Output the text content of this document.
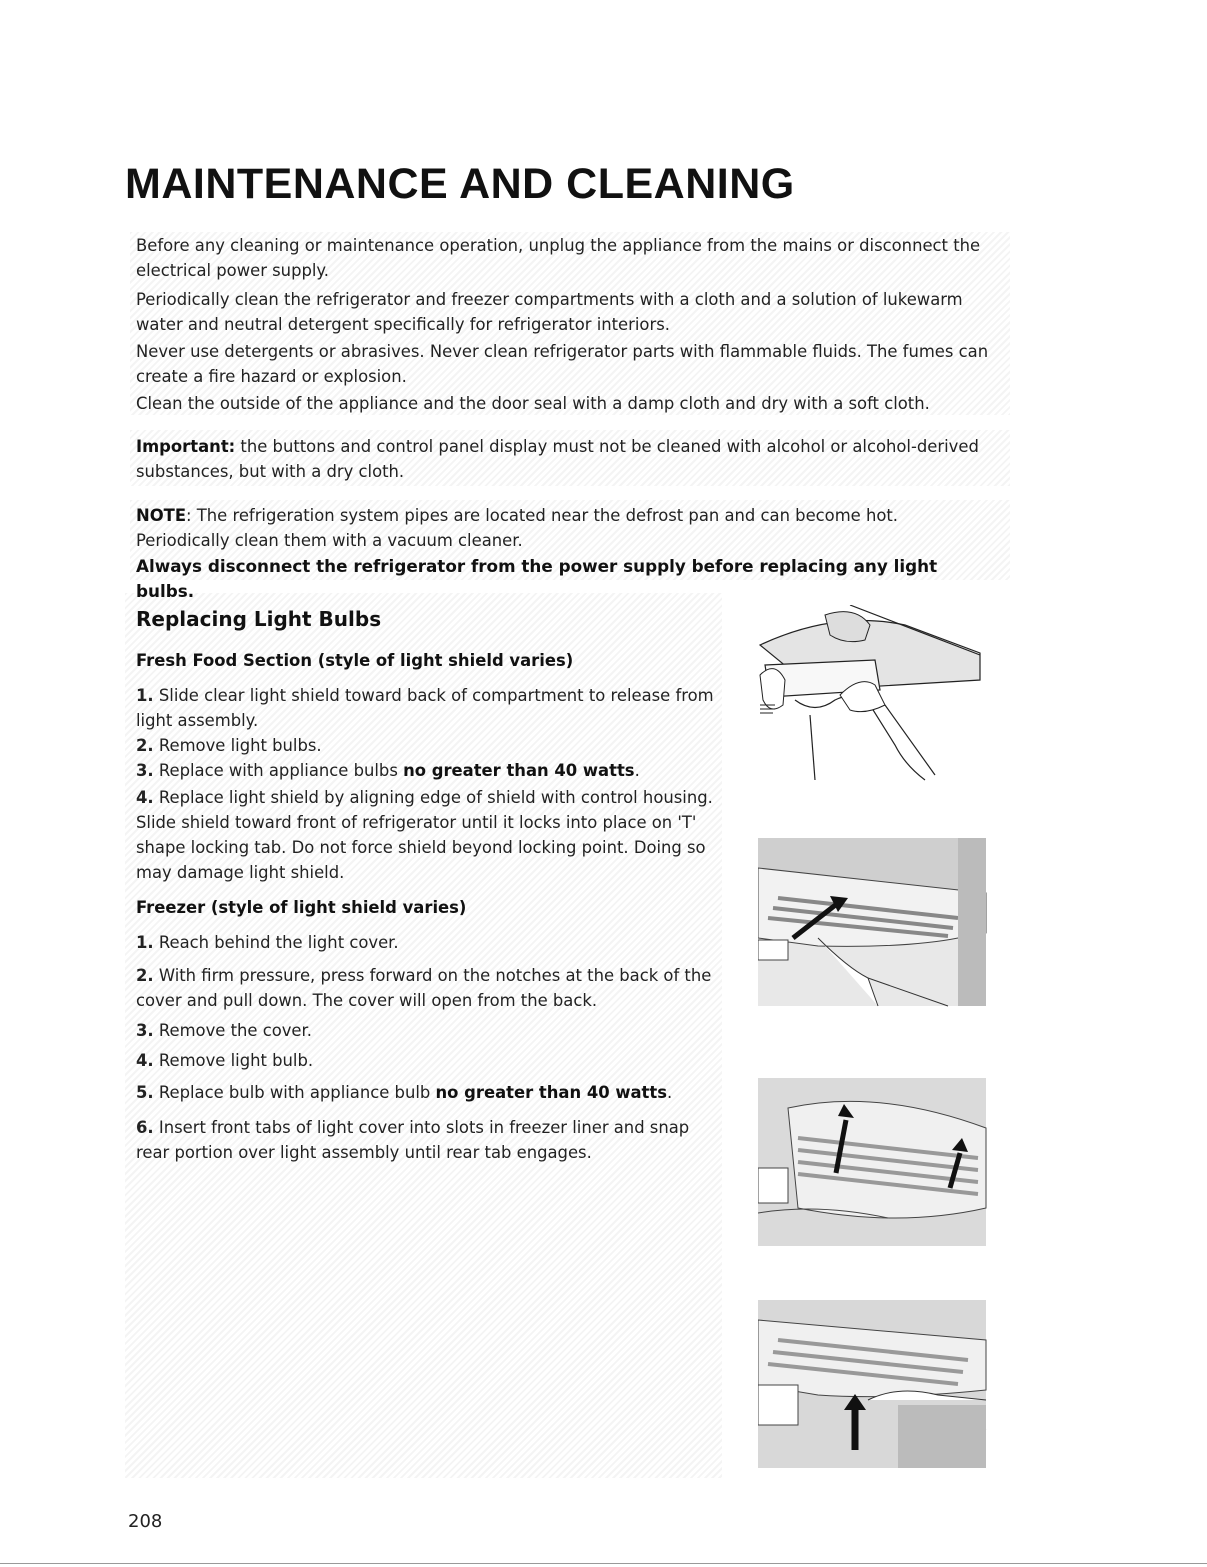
MAINTENANCE AND CLEANING

Before any cleaning or maintenance operation, unplug the appliance from the mains or disconnect the electrical power supply.

Periodically clean the refrigerator and freezer compartments with a cloth and a solution of lukewarm water and neutral detergent specifically for refrigerator interiors.

Never use detergents or abrasives. Never clean refrigerator parts with flammable fluids. The fumes can create a fire hazard or explosion.

Clean the outside of the appliance and the door seal with a damp cloth and dry with a soft cloth.

Important: the buttons and control panel display must not be cleaned with alcohol or alcohol-derived substances, but with a dry cloth.

NOTE: The refrigeration system pipes are located near the defrost pan and can become hot. Periodically clean them with a vacuum cleaner.

Always disconnect the refrigerator from the power supply before replacing any light bulbs.

Replacing Light Bulbs
Fresh Food Section (style of light shield varies)
1. Slide clear light shield toward back of compartment to release from light assembly.
2. Remove light bulbs.
3. Replace with appliance bulbs no greater than 40 watts.
4. Replace light shield by aligning edge of shield with control housing. Slide shield toward front of refrigerator until it locks into place on 'T' shape locking tab. Do not force shield beyond locking point. Doing so may damage light shield.
Freezer (style of light shield varies)
1. Reach behind the light cover.
2. With firm pressure, press forward on the notches at the back of the cover and pull down. The cover will open from the back.
3. Remove the cover.
4. Remove light bulb.
5. Replace bulb with appliance bulb no greater than 40 watts.
6. Insert front tabs of light cover into slots in freezer liner and snap rear portion over light assembly until rear tab engages.
208
